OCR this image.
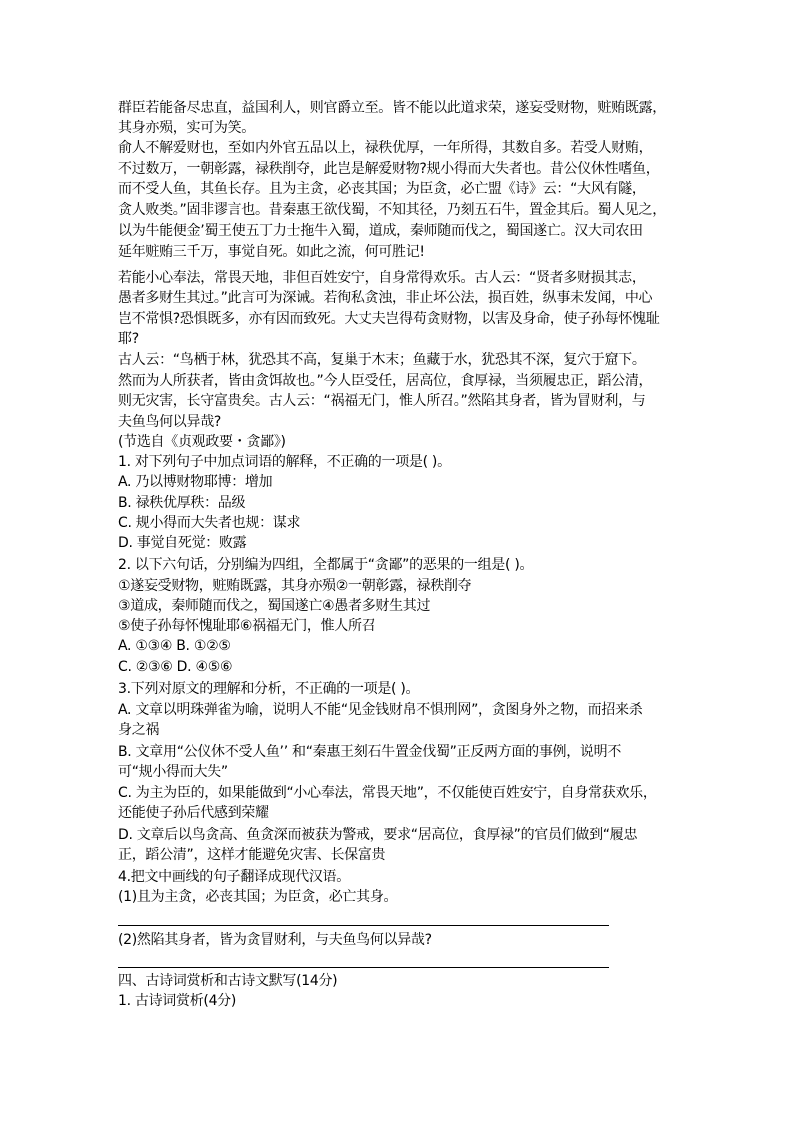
群臣若能备尽忠直，益国利人，则官爵立至。皆不能以此道求荣，遂妄受财物，赃贿既露，
其身亦殒，实可为笑。
俞人不解爱财也，至如内外官五品以上，禄秩优厚，一年所得，其数自多。若受人财贿，
不过数万，一朝彰露，禄秩削夺，此岂是解爱财物?规小得而大失者也。昔公仪休性嗜鱼，
而不受人鱼，其鱼长存。且为主贪，必丧其国；为臣贪，必亡盟《诗》云：“大风有隧，
贪人败类。”固非谬言也。昔秦惠王欲伐蜀，不知其径，乃刻五石牛，置金其后。蜀人见之，
以为牛能便金’蜀王使五丁力士拖牛入蜀，道成，秦师随而伐之，蜀国遂亡。汉大司农田
延年赃贿三千万，事觉自死。如此之流，何可胜记!
若能小心奉法，常畏天地，非但百姓安宁，自身常得欢乐。古人云：“贤者多财损其志，
愚者多财生其过。”此言可为深诫。若徇私贪浊，非止坏公法，损百姓，纵事未发闻，中心
岂不常惧?恐惧既多，亦有因而致死。大丈夫岂得苟贪财物，以害及身命，使子孙每怀愧耻
耶?
古人云：“鸟栖于林，犹恐其不高，复巢于木末；鱼藏于水，犹恐其不深，复穴于窟下。
然而为人所获者，皆由贪饵故也。”今人臣受任，居高位，食厚禄，当须履忠正，蹈公清，
则无灾害，长守富贵矣。古人云：“祸福无门，惟人所召。”然陷其身者，皆为冒财利，与
夫鱼鸟何以异哉?
(节选自《贞观政要・贪鄙》)
1. 对下列句子中加点词语的解释，不正确的一项是( )。
A. 乃以博财物耶博：增加
B. 禄秩优厚秩：品级
C. 规小得而大失者也规：谋求
D. 事觉自死觉：败露
2. 以下六句话，分别编为四组，全都属于“贪鄙”的恶果的一组是( )。
①遂妄受财物，赃贿既露，其身亦殒②一朝彰露，禄秩削夺
③道成，秦师随而伐之，蜀国遂亡④愚者多财生其过
⑤使子孙每怀愧耻耶⑥祸福无门，惟人所召
A. ①③④ B. ①②⑤
C. ②③⑥ D. ④⑤⑥
3.下列对原文的理解和分析，不正确的一项是( )。
A. 文章以明珠弹雀为喻，说明人不能“见金钱财帛不惧刑网”，贪图身外之物，而招来杀
身之祸
B. 文章用“公仪休不受人鱼’’ 和“秦惠王刻石牛置金伐蜀”正反两方面的事例，说明不
可“规小得而大失”
C. 为主为臣的，如果能做到“小心奉法，常畏天地”，不仅能使百姓安宁，自身常获欢乐，
还能使子孙后代感到荣耀
D. 文章后以鸟贪高、鱼贪深而被获为警戒，要求“居高位，食厚禄”的官员们做到“履忠
正，蹈公清”，这样才能避免灾害、长保富贵
4.把文中画线的句子翻译成现代汉语。
(1)且为主贪，必丧其国；为臣贪，必亡其身。
(2)然陷其身者，皆为贪冒财利，与夫鱼鸟何以异哉?
四、古诗词赏析和古诗文默写(14分)
1. 古诗词赏析(4分)
